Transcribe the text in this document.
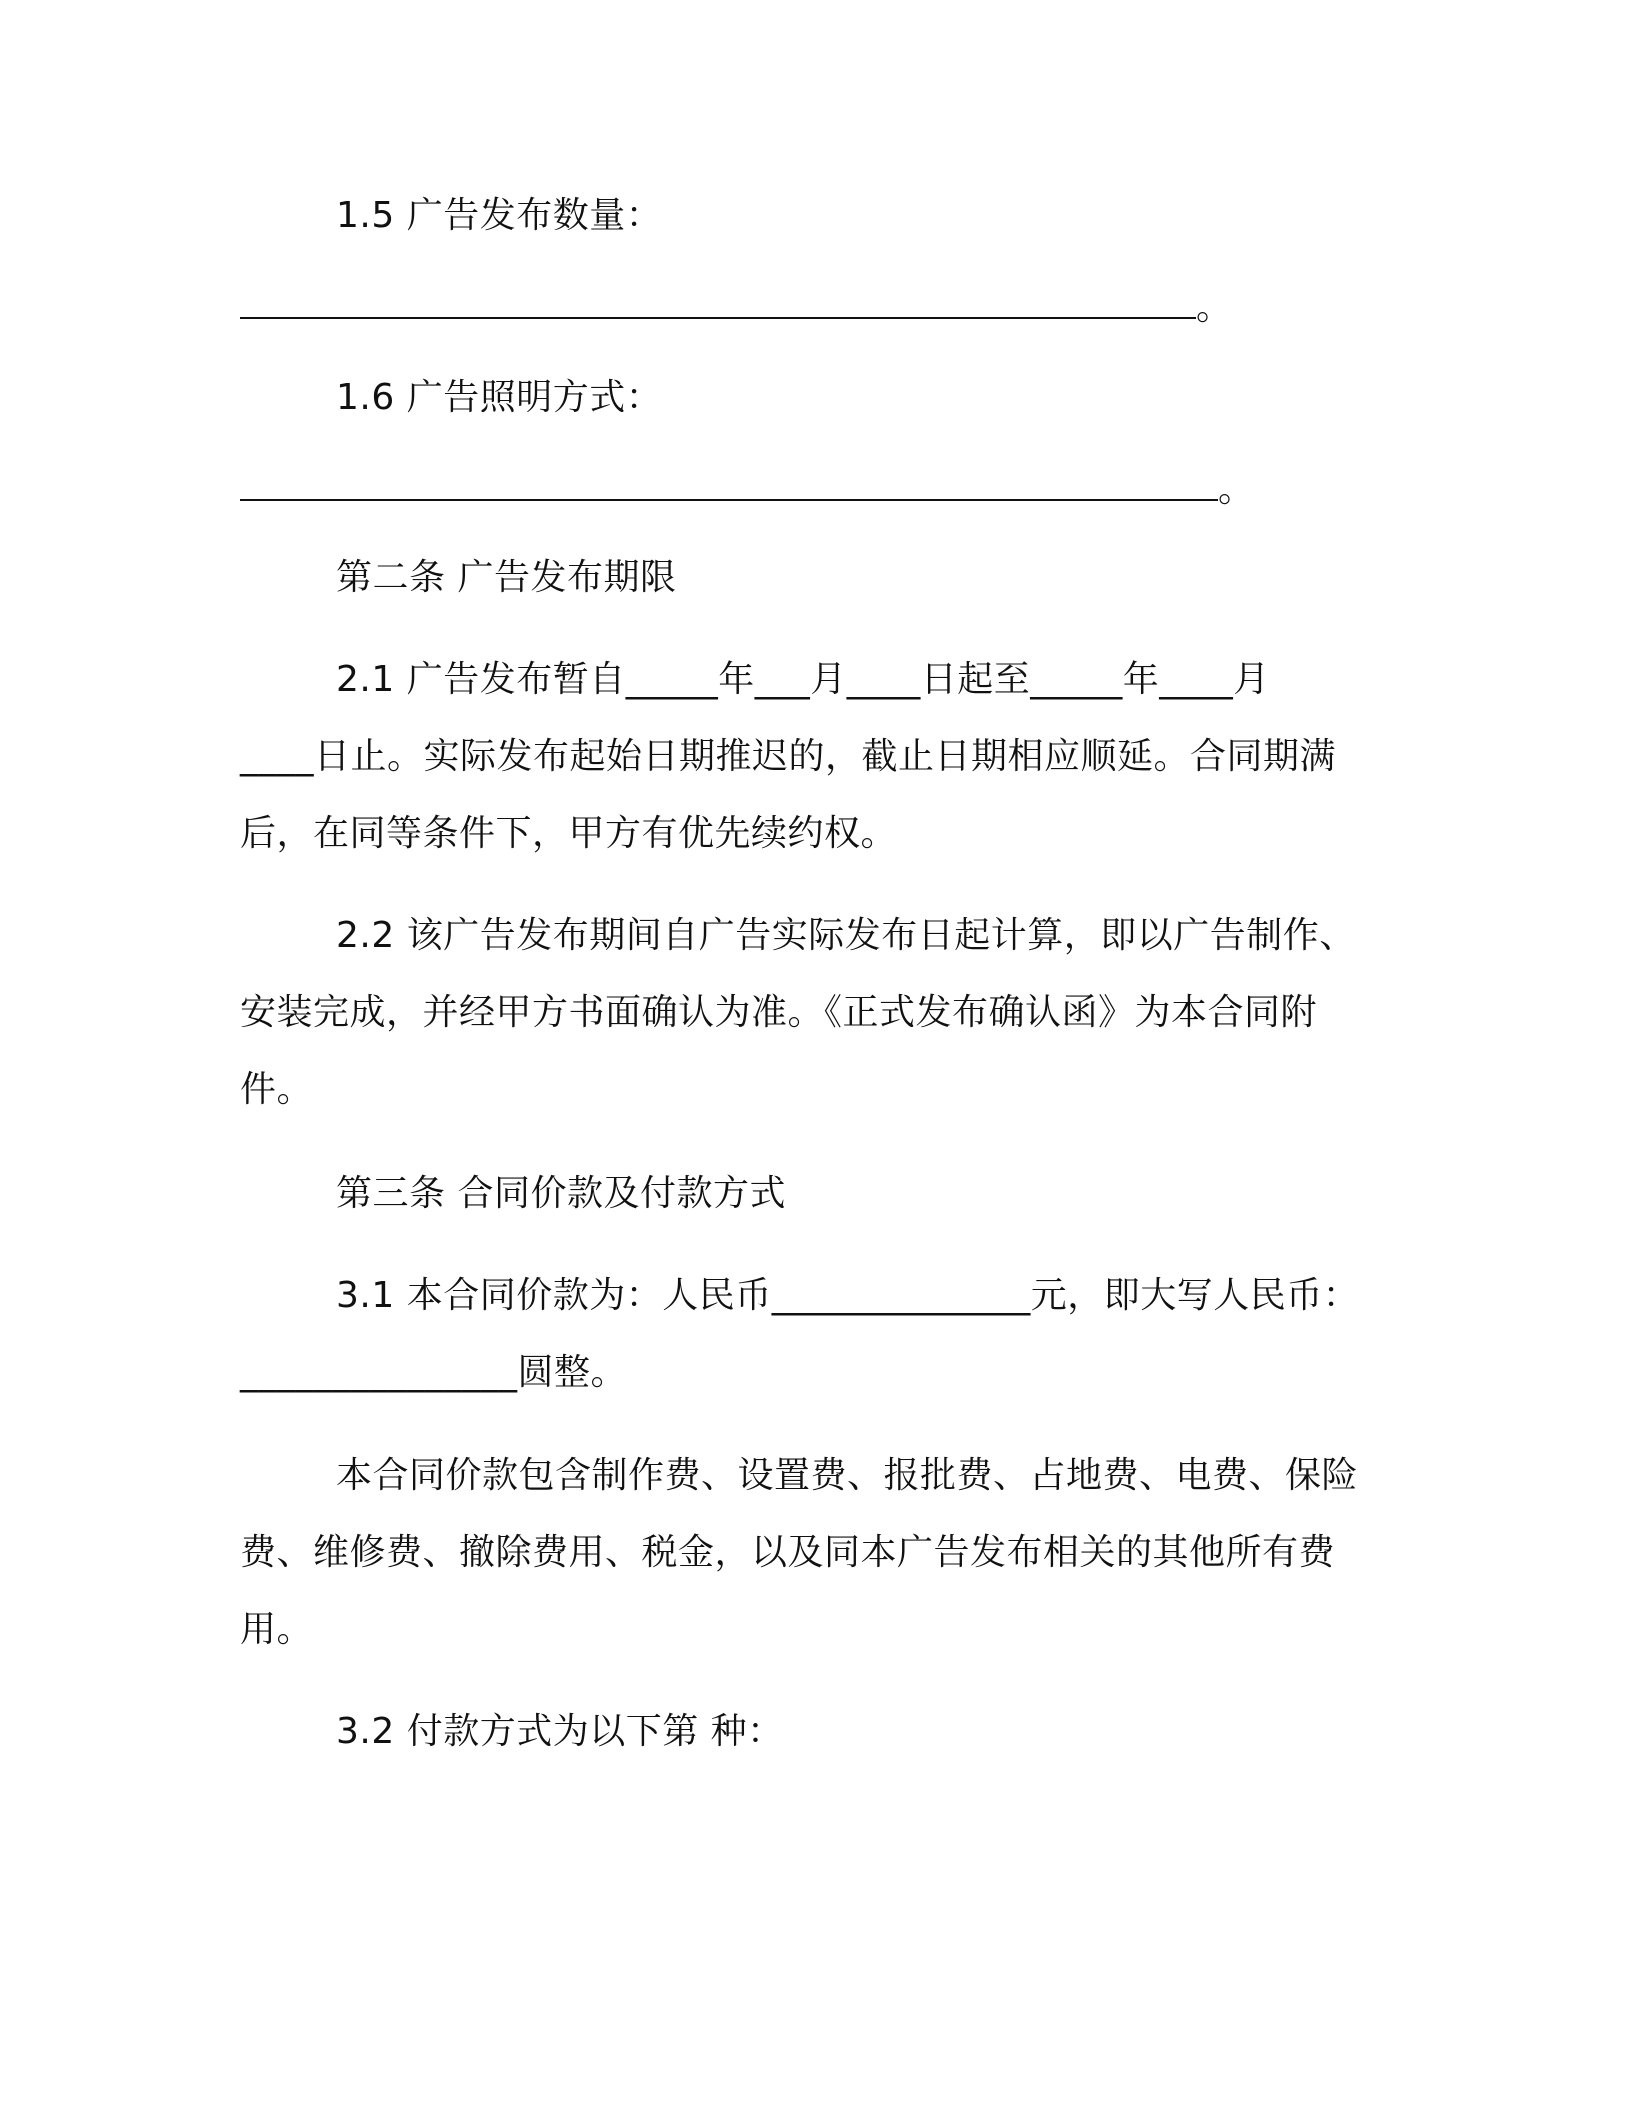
1.5 广告发布数量：
。
1.6 广告照明方式：
。
第二条 广告发布期限
2.1 广告发布暂自_____年___月____日起至_____年____月
____日止。实际发布起始日期推迟的，截止日期相应顺延。合同期满
后，在同等条件下，甲方有优先续约权。
2.2 该广告发布期间自广告实际发布日起计算，即以广告制作、
安装完成，并经甲方书面确认为准。《正式发布确认函》为本合同附
件。
第三条 合同价款及付款方式
3.1 本合同价款为：人民币______________元，即大写人民币：
_______________圆整。
本合同价款包含制作费、设置费、报批费、占地费、电费、保险
费、维修费、撤除费用、税金，以及同本广告发布相关的其他所有费
用。
3.2 付款方式为以下第 种：
